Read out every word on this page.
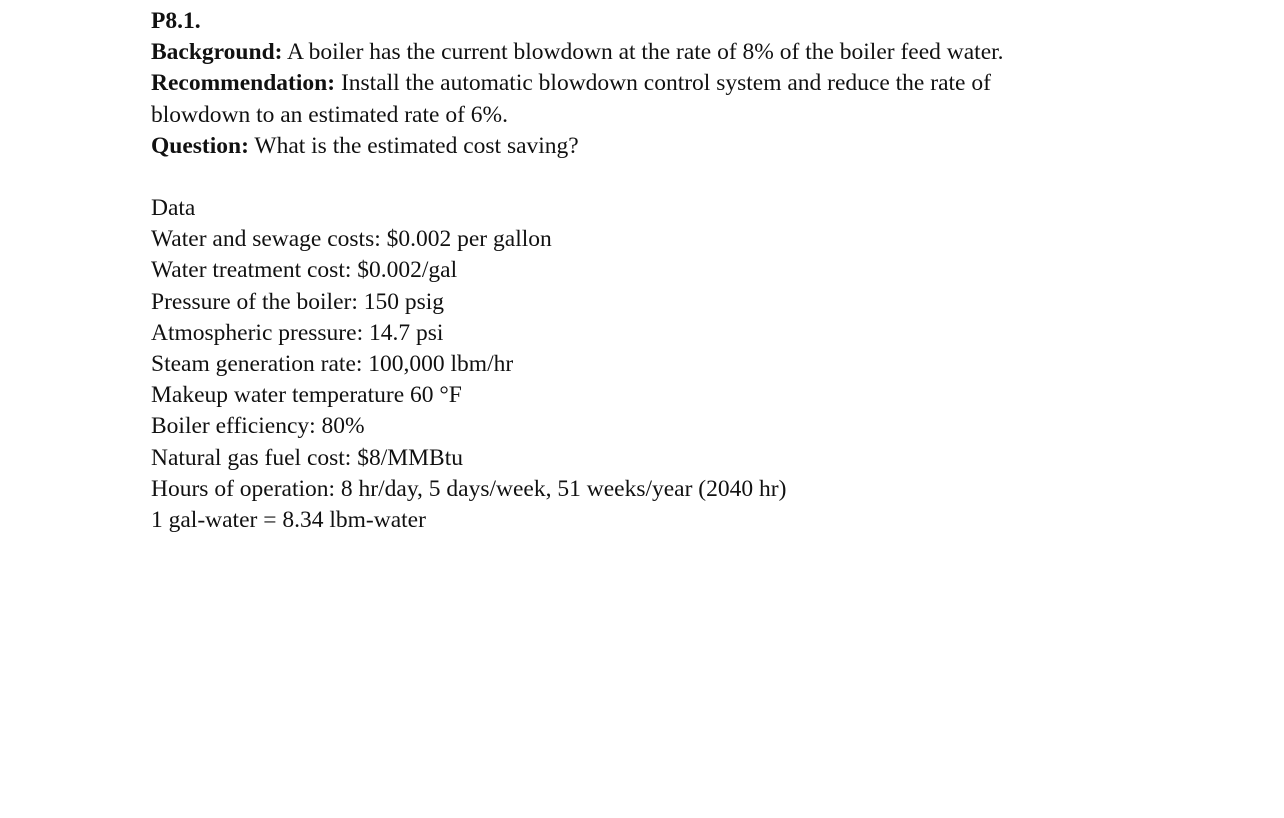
P8.1.
Background: A boiler has the current blowdown at the rate of 8% of the boiler feed water.
Recommendation: Install the automatic blowdown control system and reduce the rate of
blowdown to an estimated rate of 6%.
Question: What is the estimated cost saving?
Data
Water and sewage costs: $0.002 per gallon
Water treatment cost: $0.002/gal
Pressure of the boiler: 150 psig
Atmospheric pressure: 14.7 psi
Steam generation rate: 100,000 lbm/hr
Makeup water temperature 60 °F
Boiler efficiency: 80%
Natural gas fuel cost: $8/MMBtu
Hours of operation: 8 hr/day, 5 days/week, 51 weeks/year (2040 hr)
1 gal-water = 8.34 lbm-water
